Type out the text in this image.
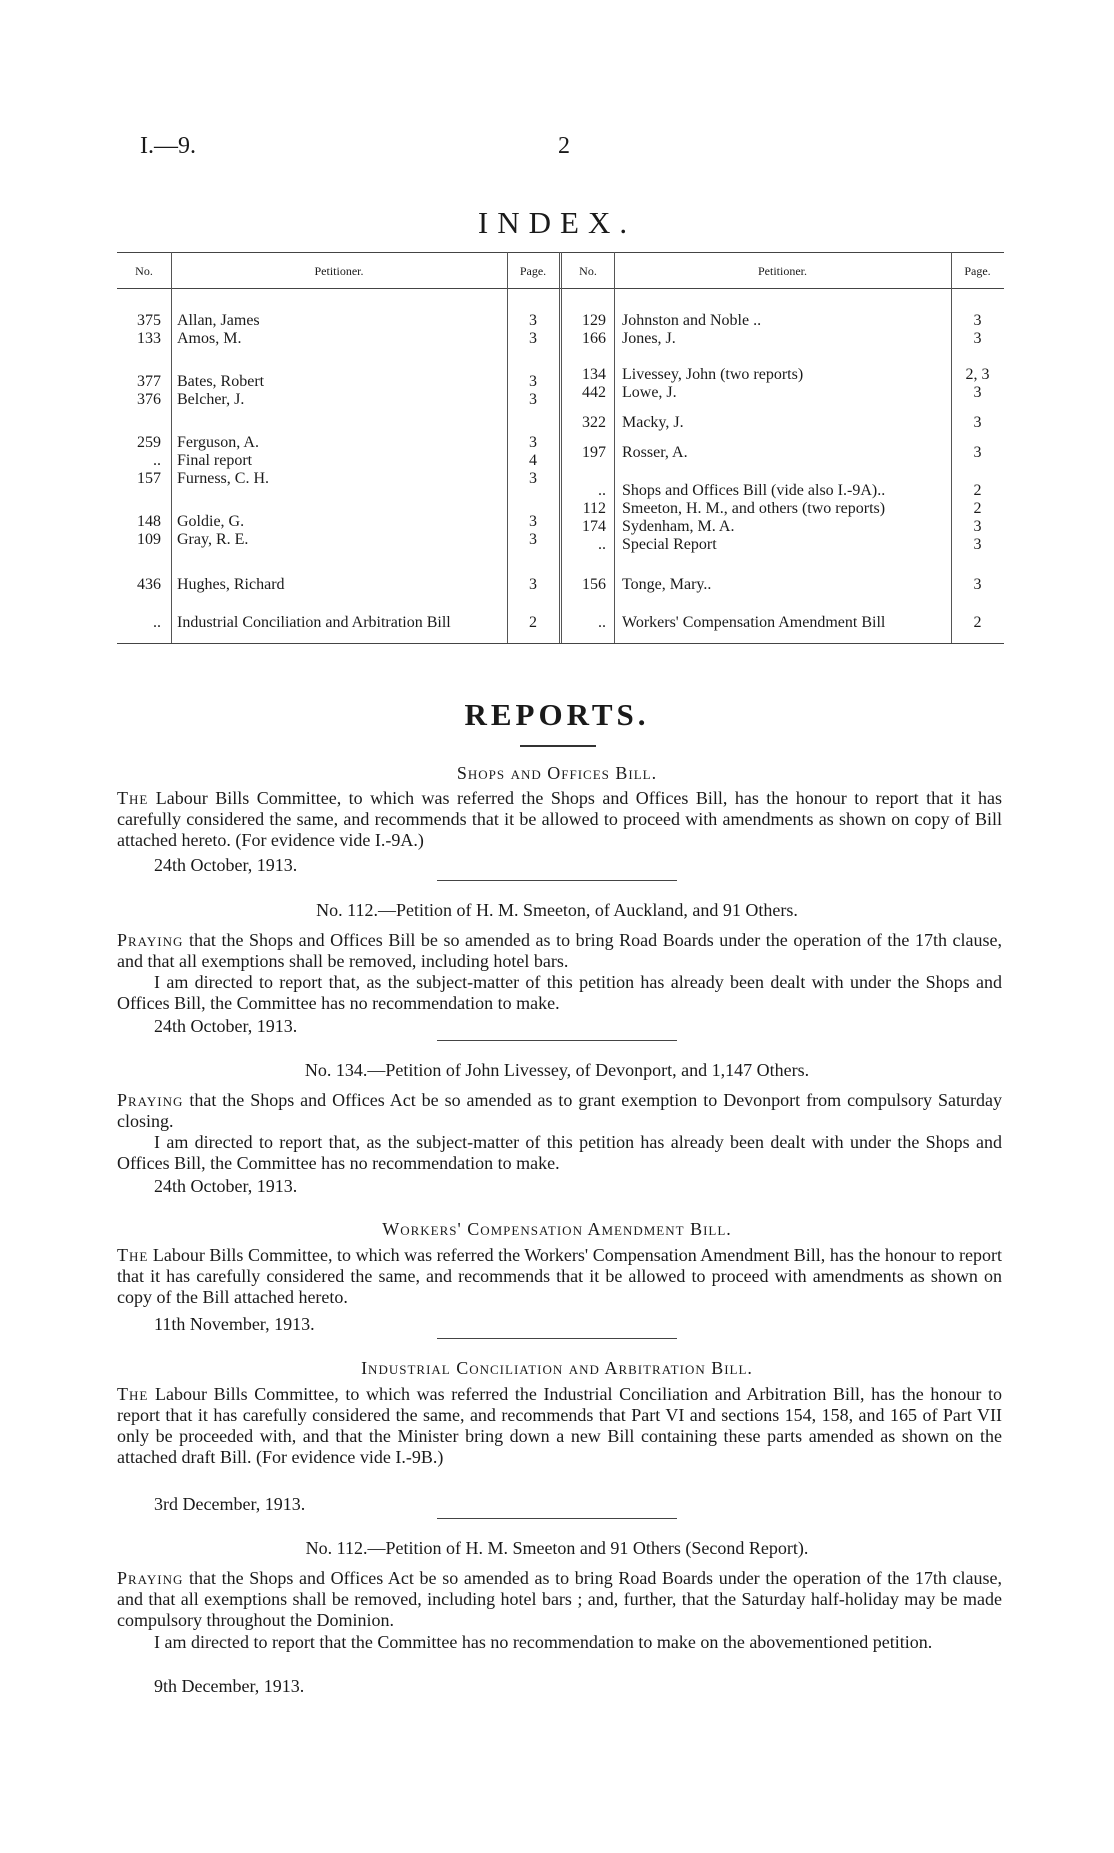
I.—9.	2
INDEX.
No.	Petitioner.	Page.	No.	Petitioner.	Page.
375 Allan, James	3
133 Amos, M.	3
377 Bates, Robert	3
376 Belcher, J.	3
259 Ferguson, A.	3
.. Final report	4
157 Furness, C. H.	3
148 Goldie, G.	3
109 Gray, R. E.	3
436 Hughes, Richard	3
.. Industrial Conciliation and Arbitration Bill	2
129 Johnston and Noble ..	3
166 Jones, J.	3
134 Livessey, John (two reports)	2, 3
442 Lowe, J.	3
322 Macky, J.	3
197 Rosser, A.	3
.. Shops and Offices Bill (vide also I.-9A)..	2
112 Smeeton, H. M., and others (two reports)	2
174 Sydenham, M. A.	3
.. Special Report	3
156 Tonge, Mary..	3
.. Workers' Compensation Amendment Bill	2
REPORTS.
Shops and Offices Bill.
The Labour Bills Committee, to which was referred the Shops and Offices Bill, has the honour to report that it has carefully considered the same, and recommends that it be allowed to proceed with amendments as shown on copy of Bill attached hereto. (For evidence vide I.-9A.)
24th October, 1913.
No. 112.—Petition of H. M. Smeeton, of Auckland, and 91 Others.
Praying that the Shops and Offices Bill be so amended as to bring Road Boards under the operation of the 17th clause, and that all exemptions shall be removed, including hotel bars.
I am directed to report that, as the subject-matter of this petition has already been dealt with under the Shops and Offices Bill, the Committee has no recommendation to make.
24th October, 1913.
No. 134.—Petition of John Livessey, of Devonport, and 1,147 Others.
Praying that the Shops and Offices Act be so amended as to grant exemption to Devonport from compulsory Saturday closing.
I am directed to report that, as the subject-matter of this petition has already been dealt with under the Shops and Offices Bill, the Committee has no recommendation to make.
24th October, 1913.
Workers' Compensation Amendment Bill.
The Labour Bills Committee, to which was referred the Workers' Compensation Amendment Bill, has the honour to report that it has carefully considered the same, and recommends that it be allowed to proceed with amendments as shown on copy of the Bill attached hereto.
11th November, 1913.
Industrial Conciliation and Arbitration Bill.
The Labour Bills Committee, to which was referred the Industrial Conciliation and Arbitration Bill, has the honour to report that it has carefully considered the same, and recommends that Part VI and sections 154, 158, and 165 of Part VII only be proceeded with, and that the Minister bring down a new Bill containing these parts amended as shown on the attached draft Bill. (For evidence vide I.-9B.)
3rd December, 1913.
No. 112.—Petition of H. M. Smeeton and 91 Others (Second Report).
Praying that the Shops and Offices Act be so amended as to bring Road Boards under the operation of the 17th clause, and that all exemptions shall be removed, including hotel bars ; and, further, that the Saturday half-holiday may be made compulsory throughout the Dominion.
I am directed to report that the Committee has no recommendation to make on the abovementioned petition.
9th December, 1913.
